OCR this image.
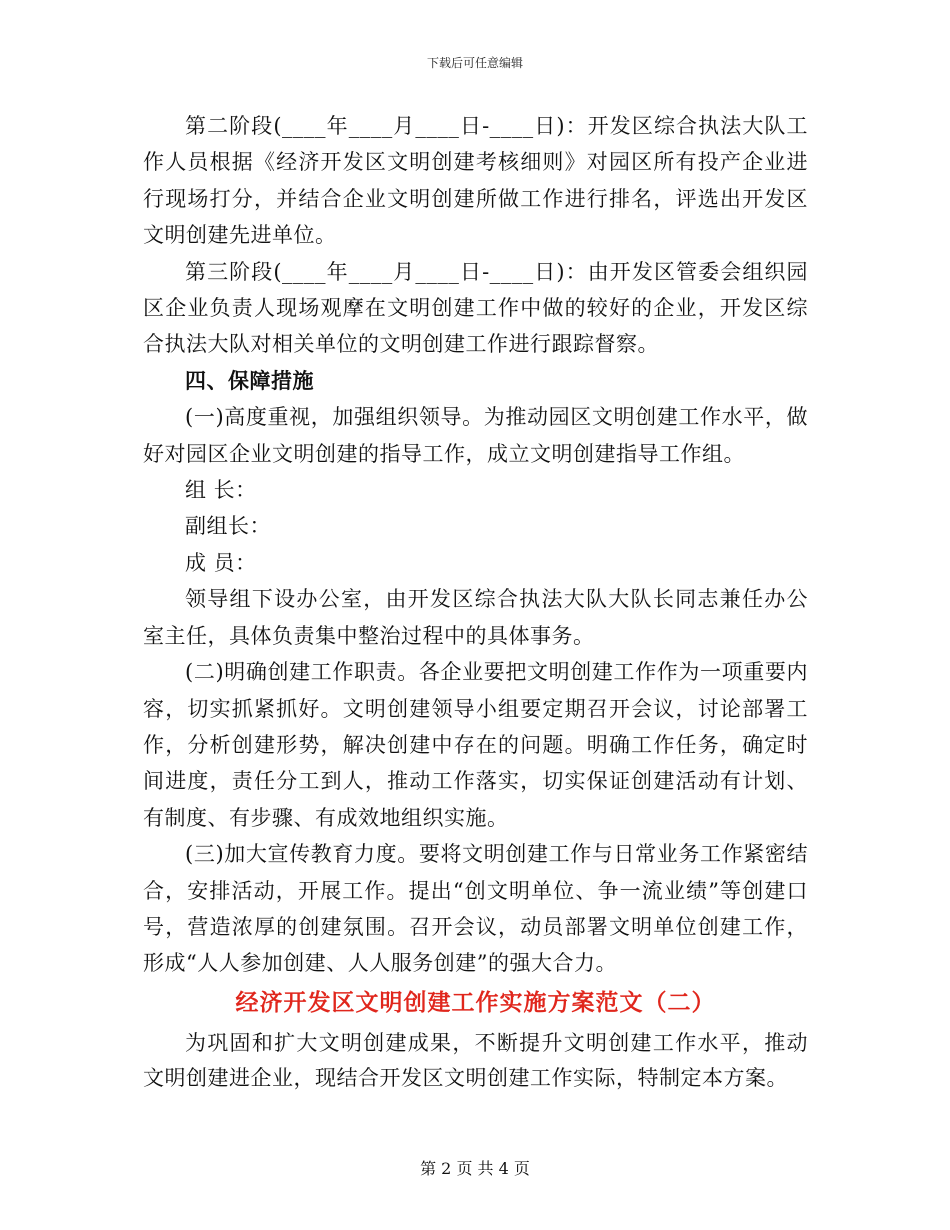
下载后可任意编辑

第二阶段(____年____月____日-____日)：开发区综合执法大队工作人员根据《经济开发区文明创建考核细则》对园区所有投产企业进行现场打分，并结合企业文明创建所做工作进行排名，评选出开发区文明创建先进单位。

第三阶段(____年____月____日-____日)：由开发区管委会组织园区企业负责人现场观摩在文明创建工作中做的较好的企业，开发区综合执法大队对相关单位的文明创建工作进行跟踪督察。

四、保障措施

(一)高度重视，加强组织领导。为推动园区文明创建工作水平，做好对园区企业文明创建的指导工作，成立文明创建指导工作组。

组 长：

副组长：

成 员：

领导组下设办公室，由开发区综合执法大队大队长同志兼任办公室主任，具体负责集中整治过程中的具体事务。

(二)明确创建工作职责。各企业要把文明创建工作作为一项重要内容，切实抓紧抓好。文明创建领导小组要定期召开会议，讨论部署工作，分析创建形势，解决创建中存在的问题。明确工作任务，确定时间进度，责任分工到人，推动工作落实，切实保证创建活动有计划、有制度、有步骤、有成效地组织实施。

(三)加大宣传教育力度。要将文明创建工作与日常业务工作紧密结合，安排活动，开展工作。提出“创文明单位、争一流业绩”等创建口号，营造浓厚的创建氛围。召开会议，动员部署文明单位创建工作，形成“人人参加创建、人人服务创建”的强大合力。

经济开发区文明创建工作实施方案范文（二）

为巩固和扩大文明创建成果，不断提升文明创建工作水平，推动文明创建进企业，现结合开发区文明创建工作实际，特制定本方案。

第 2 页 共 4 页
